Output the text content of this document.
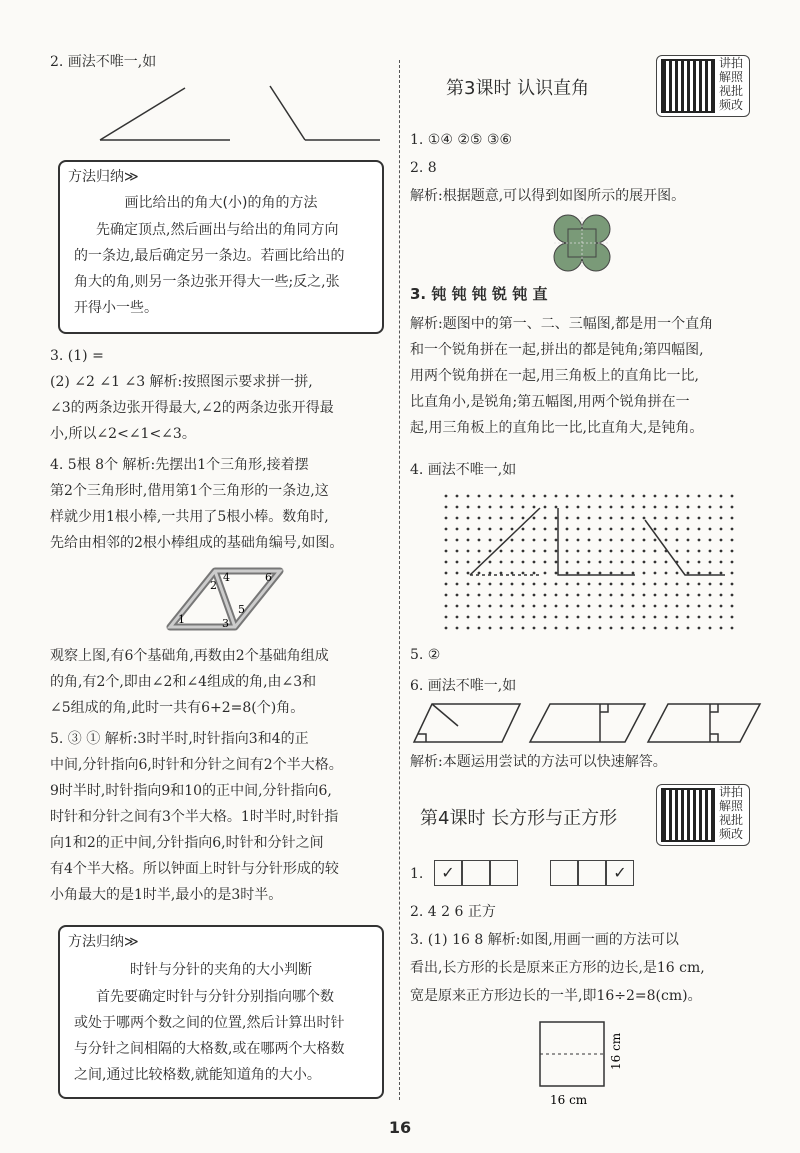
2. 画法不唯一,如
方法归纳≫
画比给出的角大(小)的角的方法
先确定顶点,然后画出与给出的角同方向
的一条边,最后确定另一条边。若画比给出的
角大的角,则另一条边张开得大一些;反之,张
开得小一些。
3. (1) =
(2) ∠2 ∠1 ∠3 解析:按照图示要求拼一拼,
∠3的两条边张开得最大,∠2的两条边张开得最
小,所以∠2<∠1<∠3。
4. 5根 8个 解析:先摆出1个三角形,接着摆
第2个三角形时,借用第1个三角形的一条边,这
样就少用1根小棒,一共用了5根小棒。数角时,
先给由相邻的2根小棒组成的基础角编号,如图。
1
2
3
4
5
6
观察上图,有6个基础角,再数由2个基础角组成
的角,有2个,即由∠2和∠4组成的角,由∠3和
∠5组成的角,此时一共有6+2=8(个)角。
5. ③ ① 解析:3时半时,时针指向3和4的正
中间,分针指向6,时针和分针之间有2个半大格。
9时半时,时针指向9和10的正中间,分针指向6,
时针和分针之间有3个半大格。1时半时,时针指
向1和2的正中间,分针指向6,时针和分针之间
有4个半大格。所以钟面上时针与分针形成的较
小角最大的是1时半,最小的是3时半。
方法归纳≫
时针与分针的夹角的大小判断
首先要确定时针与分针分别指向哪个数
或处于哪两个数之间的位置,然后计算出时针
与分针之间相隔的大格数,或在哪两个大格数
之间,通过比较格数,就能知道角的大小。
第3课时 认识直角
讲拍
解照
视批
频改
1. ①④ ②⑤ ③⑥
2. 8
解析:根据题意,可以得到如图所示的展开图。
3. 钝 钝 钝 锐 钝 直
解析:题图中的第一、二、三幅图,都是用一个直角
和一个锐角拼在一起,拼出的都是钝角;第四幅图,
用两个锐角拼在一起,用三角板上的直角比一比,
比直角小,是锐角;第五幅图,用两个锐角拼在一
起,用三角板上的直角比一比,比直角大,是钝角。
4. 画法不唯一,如
5. ②
6. 画法不唯一,如
解析:本题运用尝试的方法可以快速解答。
第4课时 长方形与正方形
讲拍
解照
视批
频改
1.	✓	✓
2. 4 2 6 正方
3. (1) 16 8 解析:如图,用画一画的方法可以
看出,长方形的长是原来正方形的边长,是16 cm,
宽是原来正方形边长的一半,即16÷2=8(cm)。
16 cm
16 cm
16
